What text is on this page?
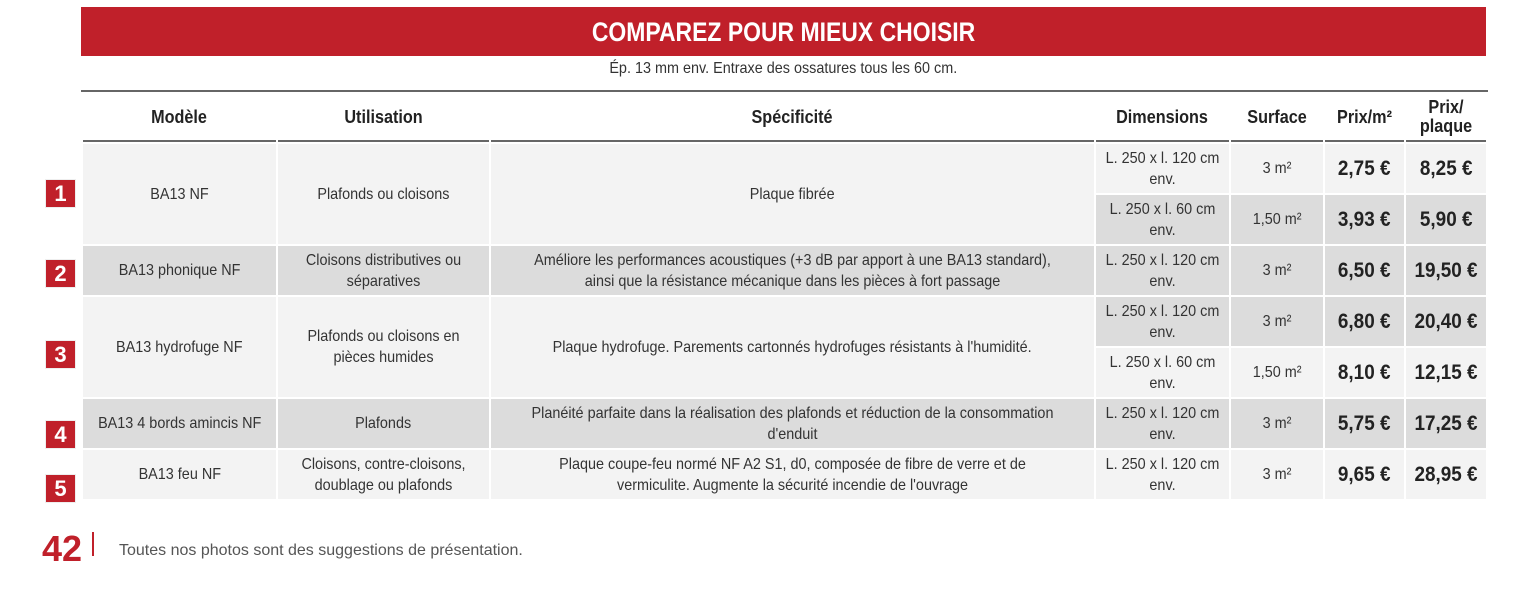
COMPAREZ POUR MIEUX CHOISIR
Ép. 13 mm env. Entraxe des ossatures tous les 60 cm.
Modèle	Utilisation	Spécificité	Dimensions	Surface	Prix/m²	Prix/ plaque
BA13 NF	Plafonds ou cloisons	Plaque fibrée	L. 250 x l. 120 cm env.	3 m²	2,75 €	8,25 €
			L. 250 x l. 60 cm env.	1,50 m²	3,93 €	5,90 €
BA13 phonique NF	Cloisons distributives ou séparatives	Améliore les performances acoustiques (+3 dB par apport à une BA13 standard), ainsi que la résistance mécanique dans les pièces à fort passage	L. 250 x l. 120 cm env.	3 m²	6,50 €	19,50 €
BA13 hydrofuge NF	Plafonds ou cloisons en pièces humides	Plaque hydrofuge. Parements cartonnés hydrofuges résistants à l'humidité.	L. 250 x l. 120 cm env.	3 m²	6,80 €	20,40 €
			L. 250 x l. 60 cm env.	1,50 m²	8,10 €	12,15 €
BA13 4 bords amincis NF	Plafonds	Planéité parfaite dans la réalisation des plafonds et réduction de la consommation d'enduit	L. 250 x l. 120 cm env.	3 m²	5,75 €	17,25 €
BA13 feu NF	Cloisons, contre-cloisons, doublage ou plafonds	Plaque coupe-feu normé NF A2 S1, d0, composée de fibre de verre et de vermiculite. Augmente la sécurité incendie de l'ouvrage	L. 250 x l. 120 cm env.	3 m²	9,65 €	28,95 €
1
2
3
4
5
42 Toutes nos photos sont des suggestions de présentation.
